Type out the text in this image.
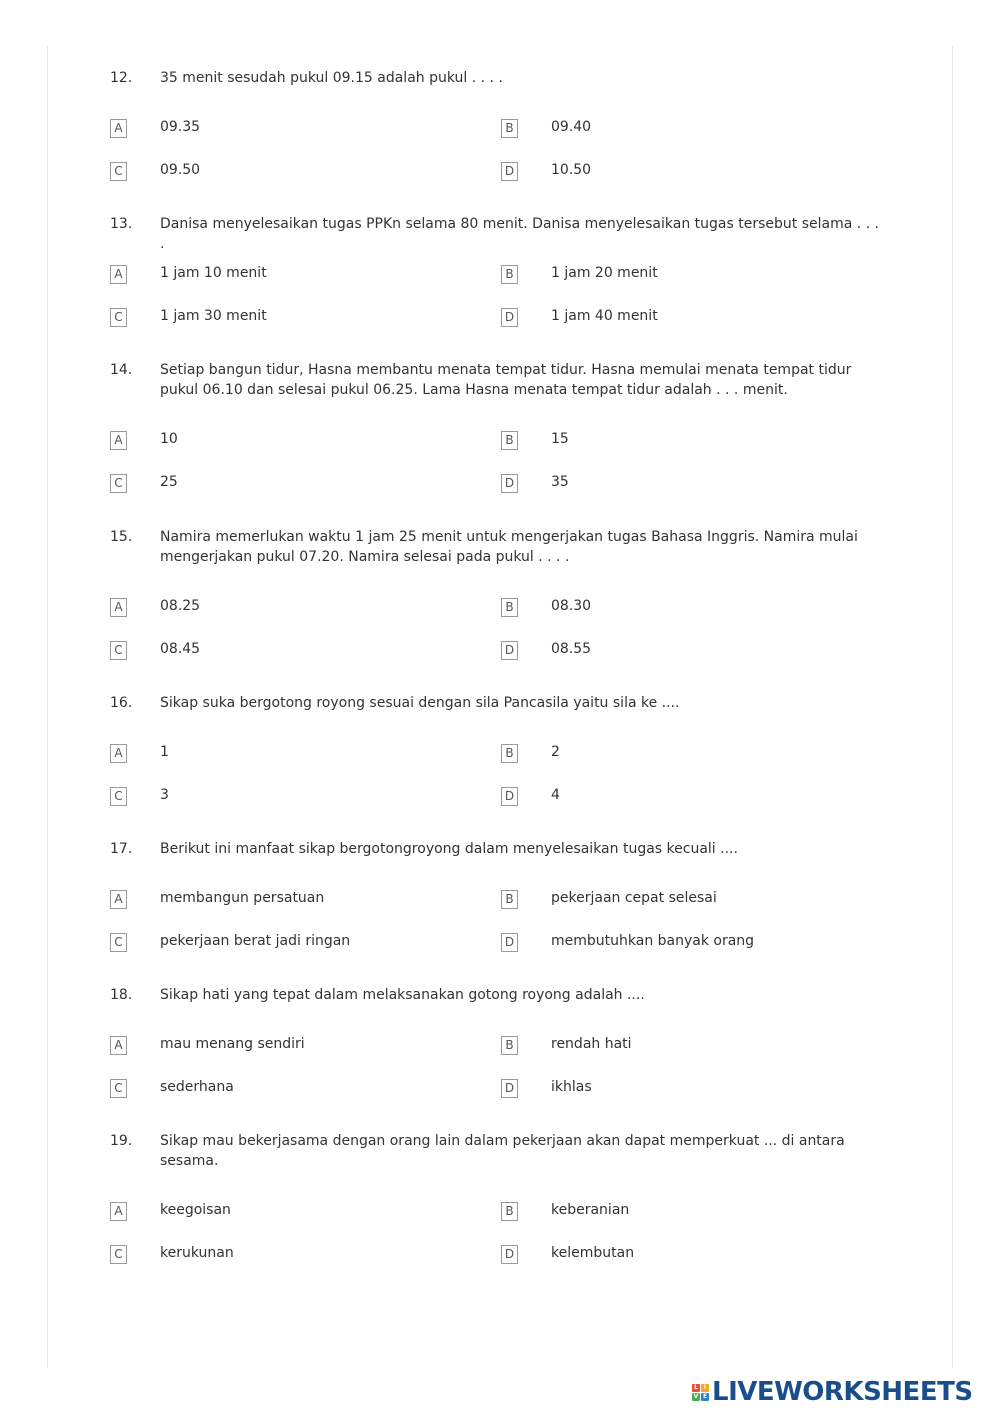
12. 35 menit sesudah pukul 09.15 adalah pukul . . . .
A	09.35	B	09.40
C	09.50	D	10.50
13. Danisa menyelesaikan tugas PPKn selama 80 menit. Danisa menyelesaikan tugas tersebut selama . . . .
A	1 jam 10 menit	B	1 jam 20 menit
C	1 jam 30 menit	D	1 jam 40 menit
14. Setiap bangun tidur, Hasna membantu menata tempat tidur. Hasna memulai menata tempat tidur pukul 06.10 dan selesai pukul 06.25. Lama Hasna menata tempat tidur adalah . . . menit.
A	10	B	15
C	25	D	35
15. Namira memerlukan waktu 1 jam 25 menit untuk mengerjakan tugas Bahasa Inggris. Namira mulai mengerjakan pukul 07.20. Namira selesai pada pukul . . . .
A	08.25	B	08.30
C	08.45	D	08.55
16. Sikap suka bergotong royong sesuai dengan sila Pancasila yaitu sila ke ....
A	1	B	2
C	3	D	4
17. Berikut ini manfaat sikap bergotongroyong dalam menyelesaikan tugas kecuali ....
A	membangun persatuan	B	pekerjaan cepat selesai
C	pekerjaan berat jadi ringan	D	membutuhkan banyak orang
18. Sikap hati yang tepat dalam melaksanakan gotong royong adalah ....
A	mau menang sendiri	B	rendah hati
C	sederhana	D	ikhlas
19. Sikap mau bekerjasama dengan orang lain dalam pekerjaan akan dapat memperkuat ... di antara sesama.
A	keegoisan	B	keberanian
C	kerukunan	D	kelembutan
L I
V E LIVEWORKSHEETS
